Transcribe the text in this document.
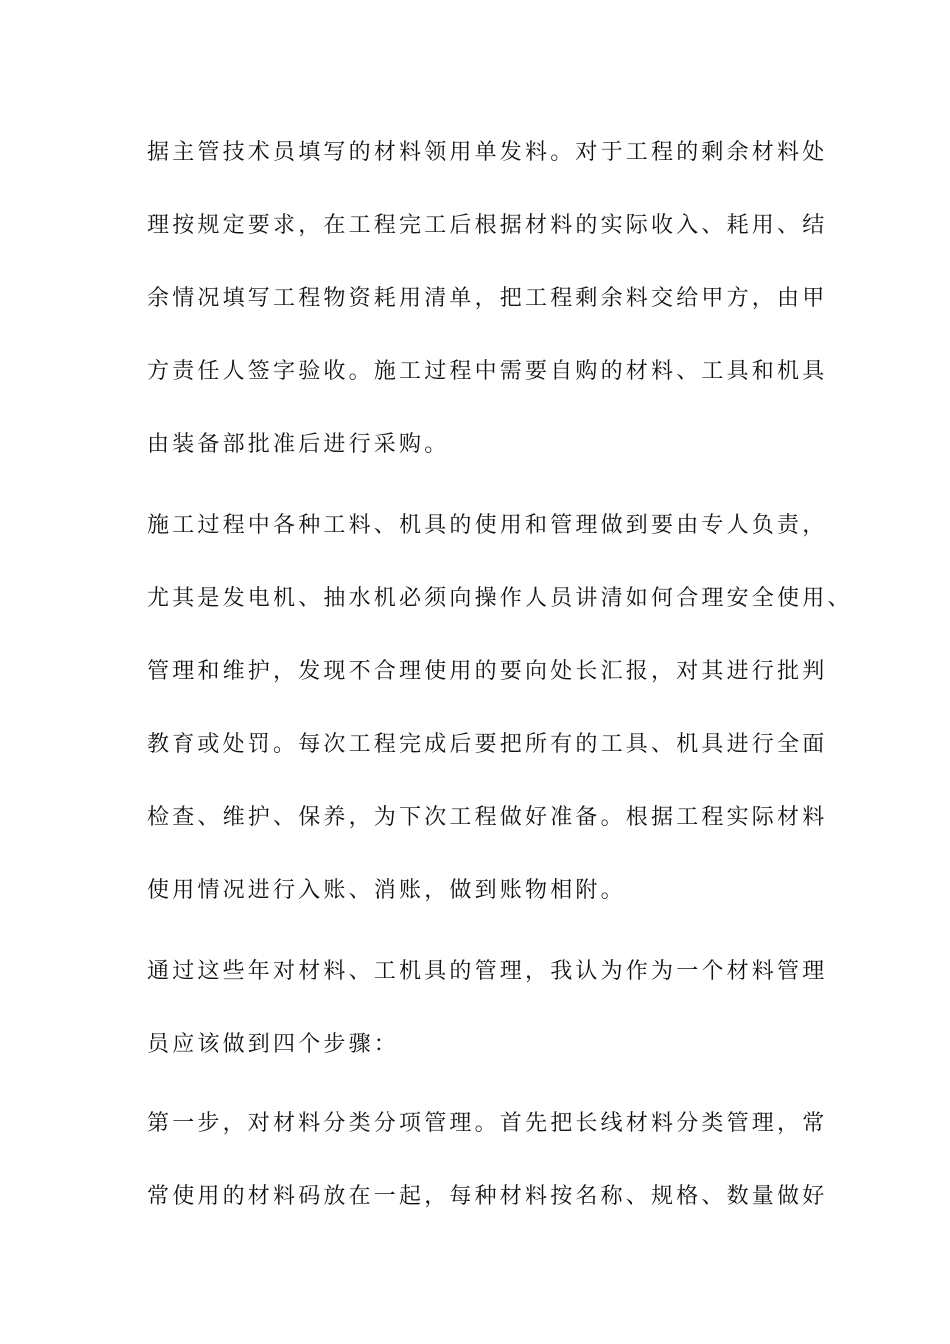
据主管技术员填写的材料领用单发料。对于工程的剩余材料处
理按规定要求，在工程完工后根据材料的实际收入、耗用、结
余情况填写工程物资耗用清单，把工程剩余料交给甲方，由甲
方责任人签字验收。施工过程中需要自购的材料、工具和机具
由装备部批准后进行采购。
施工过程中各种工料、机具的使用和管理做到要由专人负责，
尤其是发电机、抽水机必须向操作人员讲清如何合理安全使用、
管理和维护，发现不合理使用的要向处长汇报，对其进行批判
教育或处罚。每次工程完成后要把所有的工具、机具进行全面
检查、维护、保养，为下次工程做好准备。根据工程实际材料
使用情况进行入账、消账，做到账物相附。
通过这些年对材料、工机具的管理，我认为作为一个材料管理
员应该做到四个步骤：
第一步，对材料分类分项管理。首先把长线材料分类管理，常
常使用的材料码放在一起，每种材料按名称、规格、数量做好
